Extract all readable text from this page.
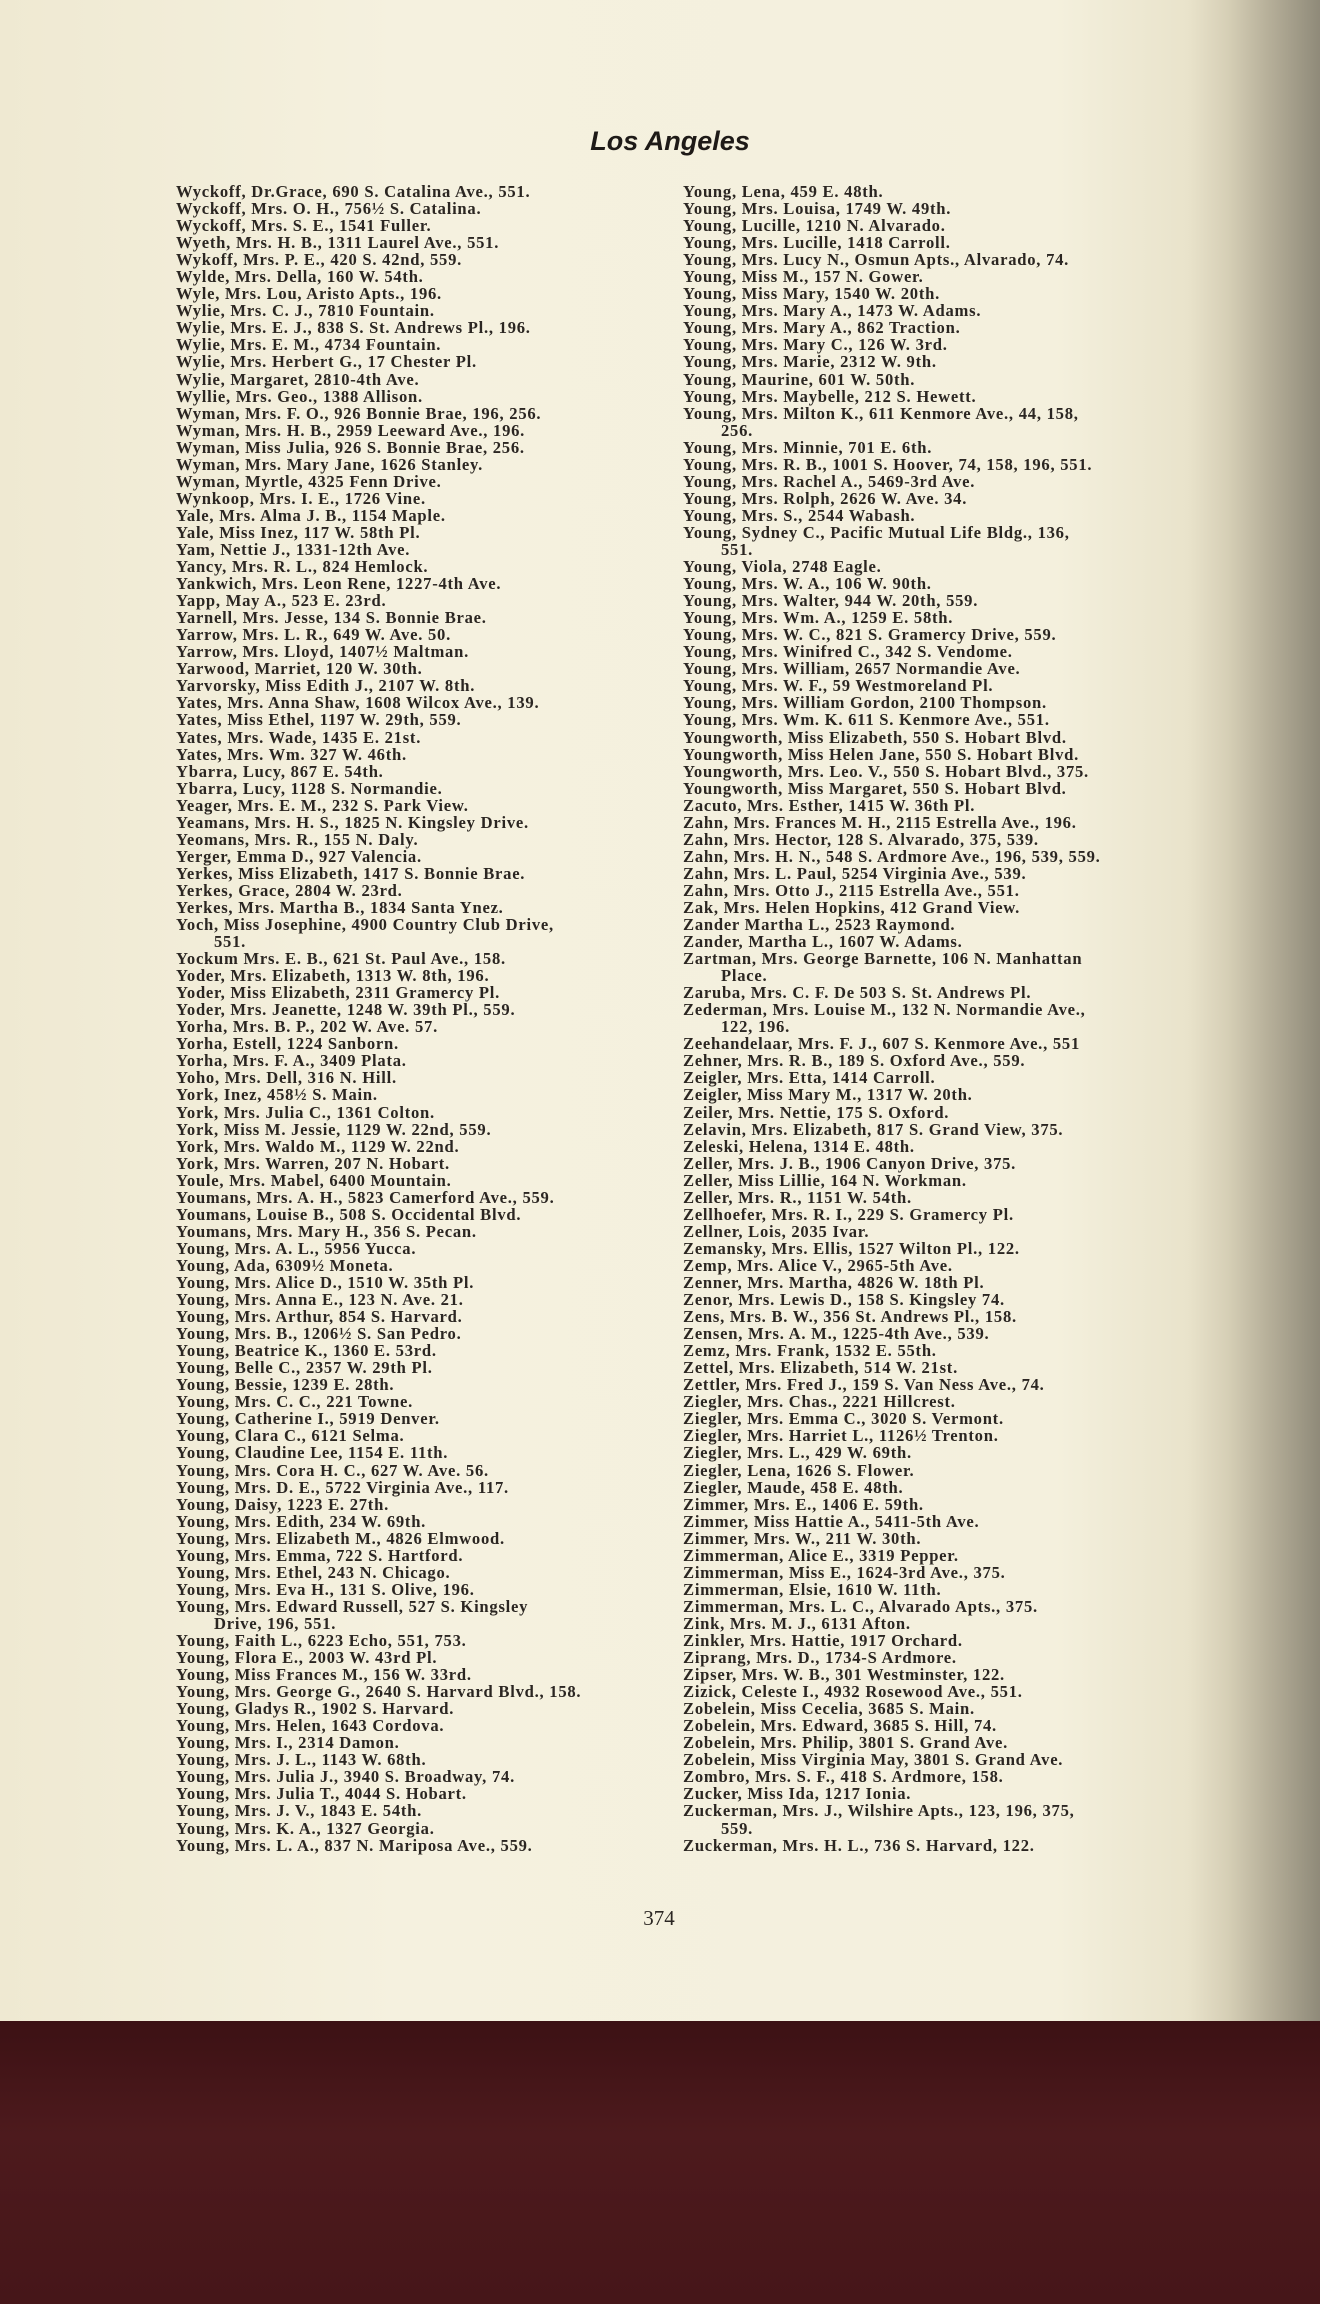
Los Angeles
Wyckoff, Dr.Grace, 690 S. Catalina Ave., 551.
Wyckoff, Mrs. O. H., 756½ S. Catalina.
Wyckoff, Mrs. S. E., 1541 Fuller.
Wyeth, Mrs. H. B., 1311 Laurel Ave., 551.
Wykoff, Mrs. P. E., 420 S. 42nd, 559.
Wylde, Mrs. Della, 160 W. 54th.
Wyle, Mrs. Lou, Aristo Apts., 196.
Wylie, Mrs. C. J., 7810 Fountain.
Wylie, Mrs. E. J., 838 S. St. Andrews Pl., 196.
Wylie, Mrs. E. M., 4734 Fountain.
Wylie, Mrs. Herbert G., 17 Chester Pl.
Wylie, Margaret, 2810-4th Ave.
Wyllie, Mrs. Geo., 1388 Allison.
Wyman, Mrs. F. O., 926 Bonnie Brae, 196, 256.
Wyman, Mrs. H. B., 2959 Leeward Ave., 196.
Wyman, Miss Julia, 926 S. Bonnie Brae, 256.
Wyman, Mrs. Mary Jane, 1626 Stanley.
Wyman, Myrtle, 4325 Fenn Drive.
Wynkoop, Mrs. I. E., 1726 Vine.
Yale, Mrs. Alma J. B., 1154 Maple.
Yale, Miss Inez, 117 W. 58th Pl.
Yam, Nettie J., 1331-12th Ave.
Yancy, Mrs. R. L., 824 Hemlock.
Yankwich, Mrs. Leon Rene, 1227-4th Ave.
Yapp, May A., 523 E. 23rd.
Yarnell, Mrs. Jesse, 134 S. Bonnie Brae.
Yarrow, Mrs. L. R., 649 W. Ave. 50.
Yarrow, Mrs. Lloyd, 1407½ Maltman.
Yarwood, Marriet, 120 W. 30th.
Yarvorsky, Miss Edith J., 2107 W. 8th.
Yates, Mrs. Anna Shaw, 1608 Wilcox Ave., 139.
Yates, Miss Ethel, 1197 W. 29th, 559.
Yates, Mrs. Wade, 1435 E. 21st.
Yates, Mrs. Wm. 327 W. 46th.
Ybarra, Lucy, 867 E. 54th.
Ybarra, Lucy, 1128 S. Normandie.
Yeager, Mrs. E. M., 232 S. Park View.
Yeamans, Mrs. H. S., 1825 N. Kingsley Drive.
Yeomans, Mrs. R., 155 N. Daly.
Yerger, Emma D., 927 Valencia.
Yerkes, Miss Elizabeth, 1417 S. Bonnie Brae.
Yerkes, Grace, 2804 W. 23rd.
Yerkes, Mrs. Martha B., 1834 Santa Ynez.
Yoch, Miss Josephine, 4900 Country Club Drive,
551.
Yockum Mrs. E. B., 621 St. Paul Ave., 158.
Yoder, Mrs. Elizabeth, 1313 W. 8th, 196.
Yoder, Miss Elizabeth, 2311 Gramercy Pl.
Yoder, Mrs. Jeanette, 1248 W. 39th Pl., 559.
Yorha, Mrs. B. P., 202 W. Ave. 57.
Yorha, Estell, 1224 Sanborn.
Yorha, Mrs. F. A., 3409 Plata.
Yoho, Mrs. Dell, 316 N. Hill.
York, Inez, 458½ S. Main.
York, Mrs. Julia C., 1361 Colton.
York, Miss M. Jessie, 1129 W. 22nd, 559.
York, Mrs. Waldo M., 1129 W. 22nd.
York, Mrs. Warren, 207 N. Hobart.
Youle, Mrs. Mabel, 6400 Mountain.
Youmans, Mrs. A. H., 5823 Camerford Ave., 559.
Youmans, Louise B., 508 S. Occidental Blvd.
Youmans, Mrs. Mary H., 356 S. Pecan.
Young, Mrs. A. L., 5956 Yucca.
Young, Ada, 6309½ Moneta.
Young, Mrs. Alice D., 1510 W. 35th Pl.
Young, Mrs. Anna E., 123 N. Ave. 21.
Young, Mrs. Arthur, 854 S. Harvard.
Young, Mrs. B., 1206½ S. San Pedro.
Young, Beatrice K., 1360 E. 53rd.
Young, Belle C., 2357 W. 29th Pl.
Young, Bessie, 1239 E. 28th.
Young, Mrs. C. C., 221 Towne.
Young, Catherine I., 5919 Denver.
Young, Clara C., 6121 Selma.
Young, Claudine Lee, 1154 E. 11th.
Young, Mrs. Cora H. C., 627 W. Ave. 56.
Young, Mrs. D. E., 5722 Virginia Ave., 117.
Young, Daisy, 1223 E. 27th.
Young, Mrs. Edith, 234 W. 69th.
Young, Mrs. Elizabeth M., 4826 Elmwood.
Young, Mrs. Emma, 722 S. Hartford.
Young, Mrs. Ethel, 243 N. Chicago.
Young, Mrs. Eva H., 131 S. Olive, 196.
Young, Mrs. Edward Russell, 527 S. Kingsley
Drive, 196, 551.
Young, Faith L., 6223 Echo, 551, 753.
Young, Flora E., 2003 W. 43rd Pl.
Young, Miss Frances M., 156 W. 33rd.
Young, Mrs. George G., 2640 S. Harvard Blvd., 158.
Young, Gladys R., 1902 S. Harvard.
Young, Mrs. Helen, 1643 Cordova.
Young, Mrs. I., 2314 Damon.
Young, Mrs. J. L., 1143 W. 68th.
Young, Mrs. Julia J., 3940 S. Broadway, 74.
Young, Mrs. Julia T., 4044 S. Hobart.
Young, Mrs. J. V., 1843 E. 54th.
Young, Mrs. K. A., 1327 Georgia.
Young, Mrs. L. A., 837 N. Mariposa Ave., 559.
Young, Lena, 459 E. 48th.
Young, Mrs. Louisa, 1749 W. 49th.
Young, Lucille, 1210 N. Alvarado.
Young, Mrs. Lucille, 1418 Carroll.
Young, Mrs. Lucy N., Osmun Apts., Alvarado, 74.
Young, Miss M., 157 N. Gower.
Young, Miss Mary, 1540 W. 20th.
Young, Mrs. Mary A., 1473 W. Adams.
Young, Mrs. Mary A., 862 Traction.
Young, Mrs. Mary C., 126 W. 3rd.
Young, Mrs. Marie, 2312 W. 9th.
Young, Maurine, 601 W. 50th.
Young, Mrs. Maybelle, 212 S. Hewett.
Young, Mrs. Milton K., 611 Kenmore Ave., 44, 158,
256.
Young, Mrs. Minnie, 701 E. 6th.
Young, Mrs. R. B., 1001 S. Hoover, 74, 158, 196, 551.
Young, Mrs. Rachel A., 5469-3rd Ave.
Young, Mrs. Rolph, 2626 W. Ave. 34.
Young, Mrs. S., 2544 Wabash.
Young, Sydney C., Pacific Mutual Life Bldg., 136,
551.
Young, Viola, 2748 Eagle.
Young, Mrs. W. A., 106 W. 90th.
Young, Mrs. Walter, 944 W. 20th, 559.
Young, Mrs. Wm. A., 1259 E. 58th.
Young, Mrs. W. C., 821 S. Gramercy Drive, 559.
Young, Mrs. Winifred C., 342 S. Vendome.
Young, Mrs. William, 2657 Normandie Ave.
Young, Mrs. W. F., 59 Westmoreland Pl.
Young, Mrs. William Gordon, 2100 Thompson.
Young, Mrs. Wm. K. 611 S. Kenmore Ave., 551.
Youngworth, Miss Elizabeth, 550 S. Hobart Blvd.
Youngworth, Miss Helen Jane, 550 S. Hobart Blvd.
Youngworth, Mrs. Leo. V., 550 S. Hobart Blvd., 375.
Youngworth, Miss Margaret, 550 S. Hobart Blvd.
Zacuto, Mrs. Esther, 1415 W. 36th Pl.
Zahn, Mrs. Frances M. H., 2115 Estrella Ave., 196.
Zahn, Mrs. Hector, 128 S. Alvarado, 375, 539.
Zahn, Mrs. H. N., 548 S. Ardmore Ave., 196, 539, 559.
Zahn, Mrs. L. Paul, 5254 Virginia Ave., 539.
Zahn, Mrs. Otto J., 2115 Estrella Ave., 551.
Zak, Mrs. Helen Hopkins, 412 Grand View.
Zander Martha L., 2523 Raymond.
Zander, Martha L., 1607 W. Adams.
Zartman, Mrs. George Barnette, 106 N. Manhattan
Place.
Zaruba, Mrs. C. F. De 503 S. St. Andrews Pl.
Zederman, Mrs. Louise M., 132 N. Normandie Ave.,
122, 196.
Zeehandelaar, Mrs. F. J., 607 S. Kenmore Ave., 551
Zehner, Mrs. R. B., 189 S. Oxford Ave., 559.
Zeigler, Mrs. Etta, 1414 Carroll.
Zeigler, Miss Mary M., 1317 W. 20th.
Zeiler, Mrs. Nettie, 175 S. Oxford.
Zelavin, Mrs. Elizabeth, 817 S. Grand View, 375.
Zeleski, Helena, 1314 E. 48th.
Zeller, Mrs. J. B., 1906 Canyon Drive, 375.
Zeller, Miss Lillie, 164 N. Workman.
Zeller, Mrs. R., 1151 W. 54th.
Zellhoefer, Mrs. R. I., 229 S. Gramercy Pl.
Zellner, Lois, 2035 Ivar.
Zemansky, Mrs. Ellis, 1527 Wilton Pl., 122.
Zemp, Mrs. Alice V., 2965-5th Ave.
Zenner, Mrs. Martha, 4826 W. 18th Pl.
Zenor, Mrs. Lewis D., 158 S. Kingsley 74.
Zens, Mrs. B. W., 356 St. Andrews Pl., 158.
Zensen, Mrs. A. M., 1225-4th Ave., 539.
Zemz, Mrs. Frank, 1532 E. 55th.
Zettel, Mrs. Elizabeth, 514 W. 21st.
Zettler, Mrs. Fred J., 159 S. Van Ness Ave., 74.
Ziegler, Mrs. Chas., 2221 Hillcrest.
Ziegler, Mrs. Emma C., 3020 S. Vermont.
Ziegler, Mrs. Harriet L., 1126½ Trenton.
Ziegler, Mrs. L., 429 W. 69th.
Ziegler, Lena, 1626 S. Flower.
Ziegler, Maude, 458 E. 48th.
Zimmer, Mrs. E., 1406 E. 59th.
Zimmer, Miss Hattie A., 5411-5th Ave.
Zimmer, Mrs. W., 211 W. 30th.
Zimmerman, Alice E., 3319 Pepper.
Zimmerman, Miss E., 1624-3rd Ave., 375.
Zimmerman, Elsie, 1610 W. 11th.
Zimmerman, Mrs. L. C., Alvarado Apts., 375.
Zink, Mrs. M. J., 6131 Afton.
Zinkler, Mrs. Hattie, 1917 Orchard.
Ziprang, Mrs. D., 1734-S Ardmore.
Zipser, Mrs. W. B., 301 Westminster, 122.
Zizick, Celeste I., 4932 Rosewood Ave., 551.
Zobelein, Miss Cecelia, 3685 S. Main.
Zobelein, Mrs. Edward, 3685 S. Hill, 74.
Zobelein, Mrs. Philip, 3801 S. Grand Ave.
Zobelein, Miss Virginia May, 3801 S. Grand Ave.
Zombro, Mrs. S. F., 418 S. Ardmore, 158.
Zucker, Miss Ida, 1217 Ionia.
Zuckerman, Mrs. J., Wilshire Apts., 123, 196, 375,
559.
Zuckerman, Mrs. H. L., 736 S. Harvard, 122.
374
